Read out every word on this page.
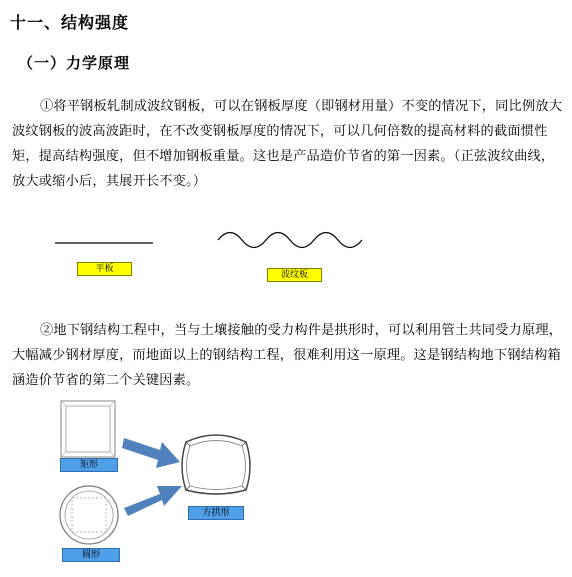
十一、结构强度
（一）力学原理

①将平钢板轧制成波纹钢板，可以在钢板厚度（即钢材用量）不变的情况下，同比例放大波纹钢板的波高波距时，在不改变钢板厚度的情况下，可以几何倍数的提高材料的截面惯性矩，提高结构强度，但不增加钢板重量。这也是产品造价节省的第一因素。（正弦波纹曲线，放大或缩小后，其展开长不变。）

平板
波纹板

②地下钢结构工程中，当与土壤接触的受力构件是拱形时，可以利用管土共同受力原理，大幅减少钢材厚度，而地面以上的钢结构工程，很难利用这一原理。这是钢结构地下钢结构箱涵造价节省的第二个关键因素。

矩形
圆形
方拱形
